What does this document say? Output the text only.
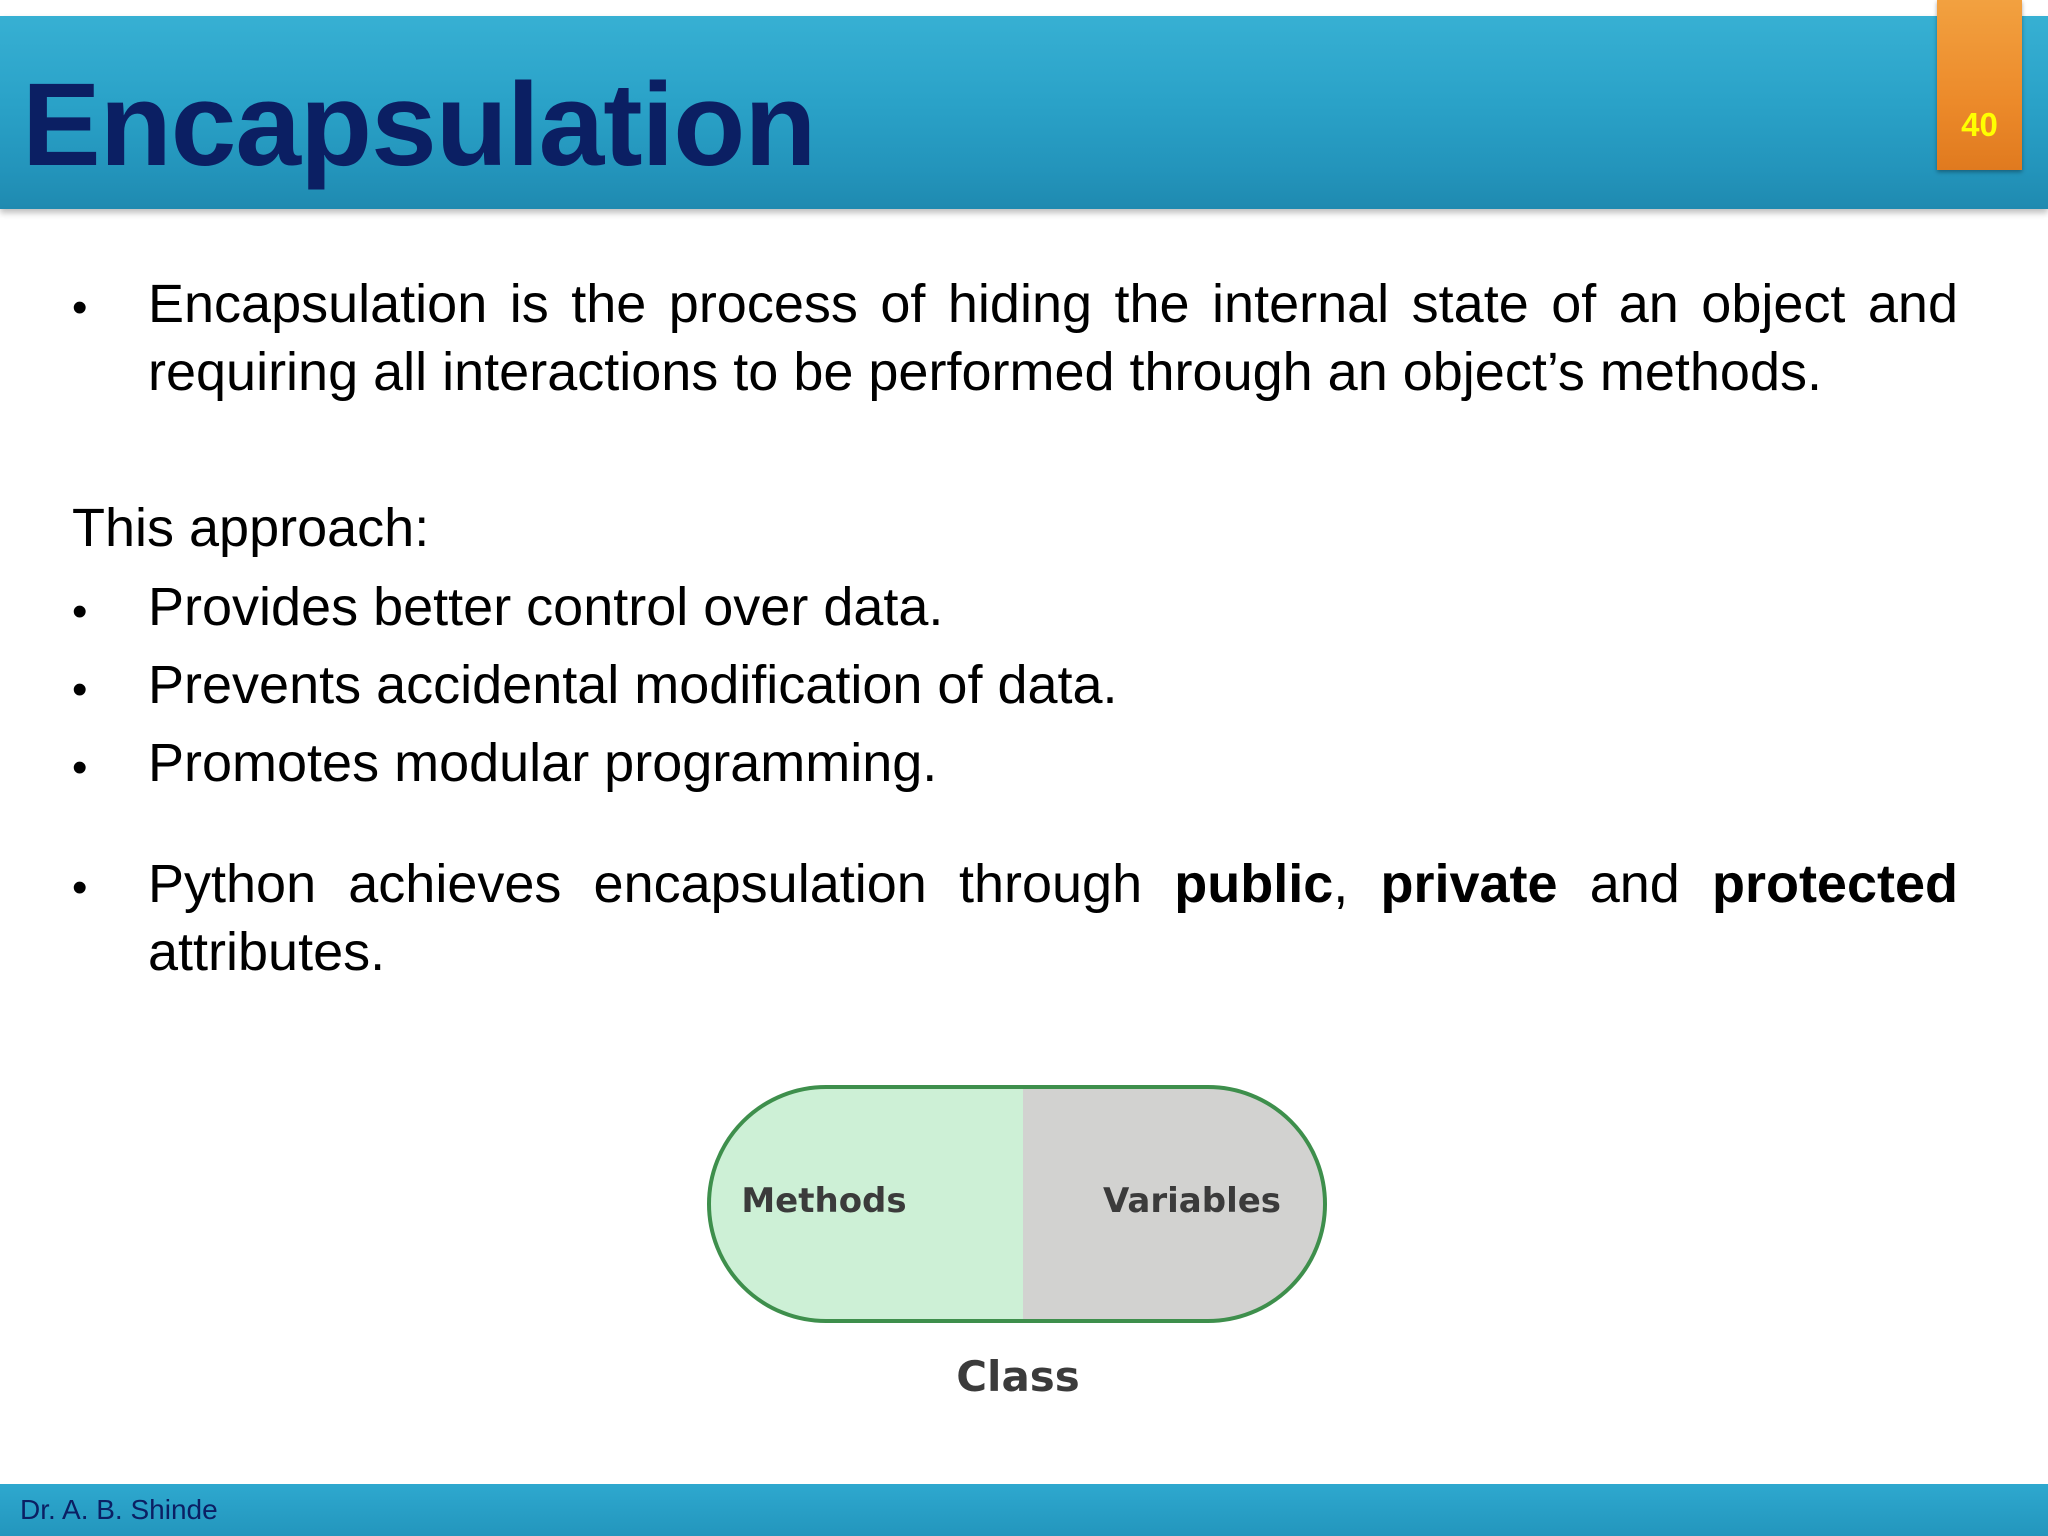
Encapsulation	40
• Encapsulation is the process of hiding the internal state of an object and requiring all interactions to be performed through an object’s methods.
This approach:
• Provides better control over data.
• Prevents accidental modification of data.
• Promotes modular programming.
• Python achieves encapsulation through public, private and protected attributes.
Methods	Variables
Class
Dr. A. B. Shinde
